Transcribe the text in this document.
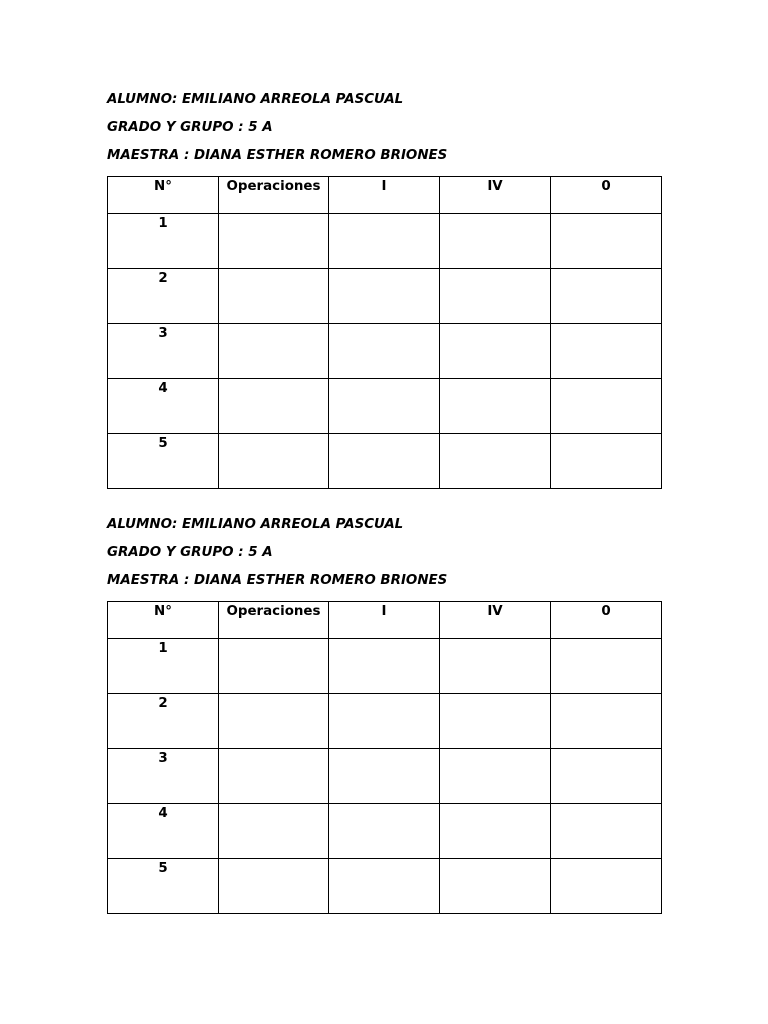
ALUMNO: EMILIANO ARREOLA PASCUAL
GRADO Y GRUPO : 5 A
MAESTRA : DIANA ESTHER ROMERO BRIONES
N°	Operaciones	I	IV	0

1				

2				

3				

4				

5				

ALUMNO: EMILIANO ARREOLA PASCUAL
GRADO Y GRUPO : 5 A
MAESTRA : DIANA ESTHER ROMERO BRIONES
N°	Operaciones	I	IV	0

1				

2				

3				

4				

5				
